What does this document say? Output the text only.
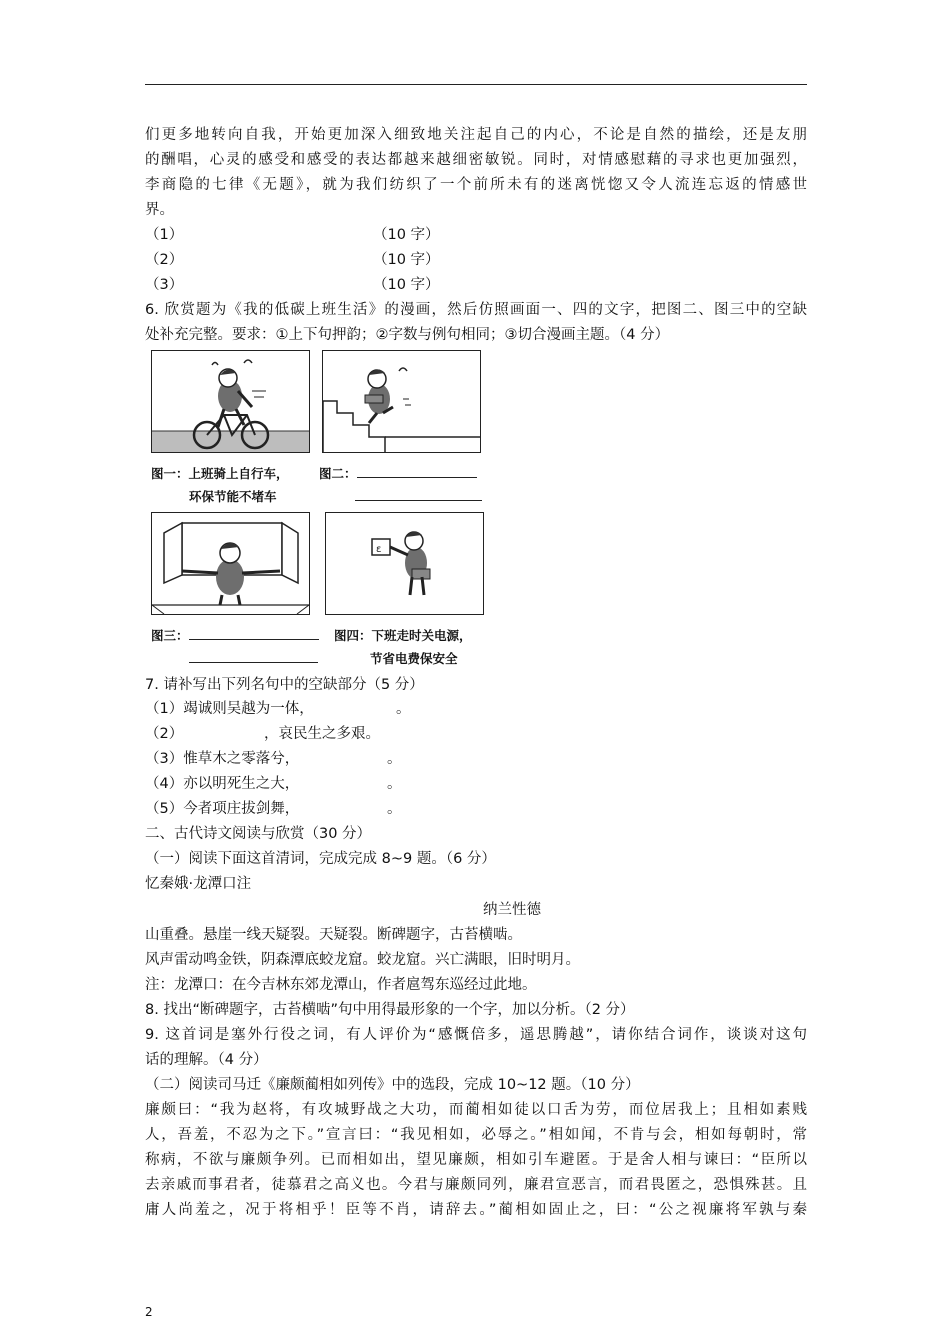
们更多地转向自我，开始更加深入细致地关注起自己的内心，不论是自然的描绘，还是友朋
的酬唱，心灵的感受和感受的表达都越来越细密敏锐。同时，对情感慰藉的寻求也更加强烈，
李商隐的七律《无题》，就为我们纺织了一个前所未有的迷离恍惚又令人流连忘返的情感世
界。
（1）	（10 字）
（2）	（10 字）
（3）	（10 字）
6. 欣赏题为《我的低碳上班生活》的漫画，然后仿照画面一、四的文字，把图二、图三中的空缺
处补充完整。要求：①上下句押韵；②字数与例句相同；③切合漫画主题。（4 分）
图一：上班骑上自行车，
环保节能不堵车
图二：
ɛ
图三：	图四：下班走时关电源，
节省电费保安全
7. 请补写出下列名句中的空缺部分（5 分）
（1）竭诚则吴越为一体，	。
（2）	，哀民生之多艰。
（3）惟草木之零落兮，	。
（4）亦以明死生之大，	。
（5）今者项庄拔剑舞，	。
二、古代诗文阅读与欣赏（30 分）
（一）阅读下面这首清词，完成完成 8~9 题。（6 分）
忆秦娥·龙潭口注
纳兰性德
山重叠。悬崖一线天疑裂。天疑裂。断碑题字，古苔横啮。
风声雷动鸣金铁，阴森潭底蛟龙窟。蛟龙窟。兴亡满眼，旧时明月。
注：龙潭口：在今吉林东郊龙潭山，作者扈驾东巡经过此地。
8. 找出“断碑题字，古苔横啮”句中用得最形象的一个字，加以分析。（2 分）
9. 这首词是塞外行役之词，有人评价为“感慨倍多，遥思腾越”，请你结合词作，谈谈对这句
话的理解。（4 分）
（二）阅读司马迁《廉颇蔺相如列传》中的选段，完成 10~12 题。（10 分）
廉颇曰：“我为赵将，有攻城野战之大功，而蔺相如徒以口舌为劳，而位居我上；且相如素贱
人，吾羞，不忍为之下。”宣言曰：“我见相如，必辱之。”相如闻，不肯与会，相如每朝时，常
称病，不欲与廉颇争列。已而相如出，望见廉颇，相如引车避匿。于是舍人相与谏曰：“臣所以
去亲戚而事君者，徒慕君之高义也。今君与廉颇同列，廉君宣恶言，而君畏匿之，恐惧殊甚。且
庸人尚羞之，况于将相乎！臣等不肖，请辞去。”蔺相如固止之，曰：“公之视廉将军孰与秦
2
